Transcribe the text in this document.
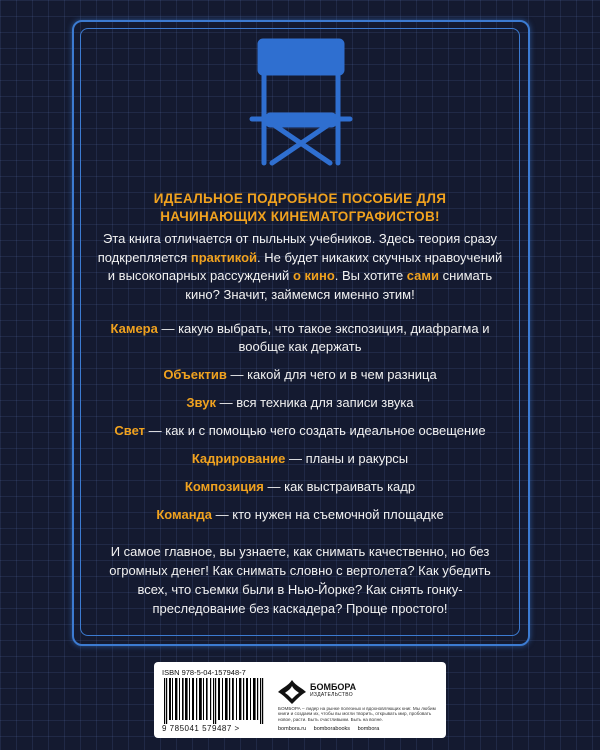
ИДЕАЛЬНОЕ ПОДРОБНОЕ ПОСОБИЕ ДЛЯ
НАЧИНАЮЩИХ КИНЕМАТОГРАФИСТОВ!

Эта книга отличается от пыльных учебников. Здесь теория сразу подкрепляется практикой. Не будет никаких скучных нравоучений и высокопарных рассуждений о кино. Вы хотите сами снимать кино? Значит, займемся именно этим!

Камера — какую выбрать, что такое экспозиция, диафрагма и вообще как держать

Объектив — какой для чего и в чем разница

Звук — вся техника для записи звука

Свет — как и с помощью чего создать идеальное освещение

Кадрирование — планы и ракурсы

Композиция — как выстраивать кадр

Команда — кто нужен на съемочной площадке

И самое главное, вы узнаете, как снимать качественно, но без огромных денег! Как снимать словно с вертолета? Как убедить всех, что съемки были в Нью-Йорке? Как снять гонку-преследование без каскадера? Проще простого!

ISBN 978-5-04-157948-7
9 785041 579487 >
БОМБОРА
ИЗДАТЕЛЬСТВО
БОМБОРА – лидер на рынке полезных и вдохновляющих книг. Мы любим книги и создаем их, чтобы вы могли творить, открывать мир, пробовать новое, расти. Быть счастливыми. Быть на волне.
bombora.ru bomborabooks bombora
